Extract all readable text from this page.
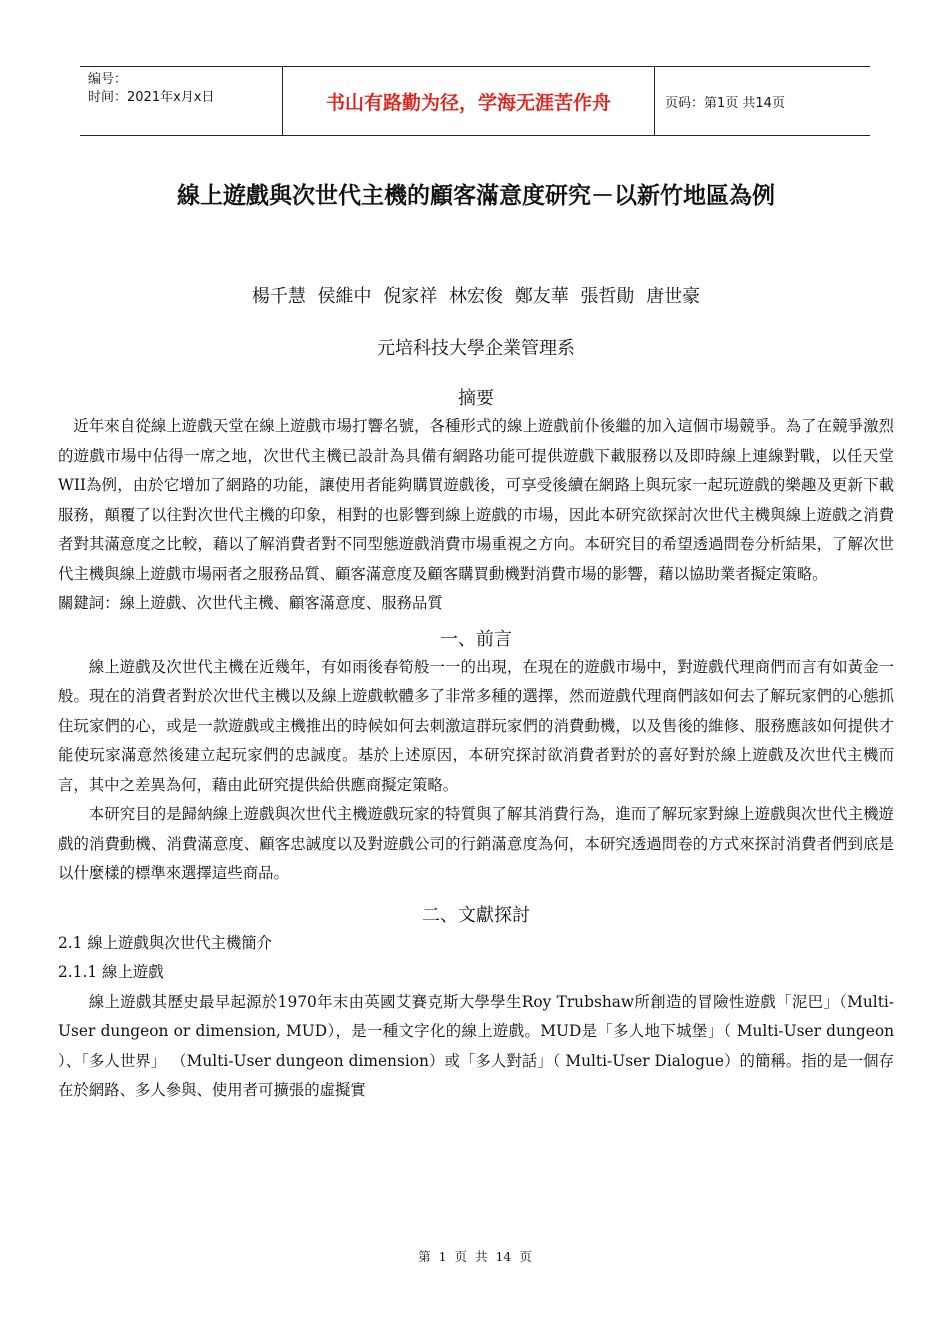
编号：
时间：2021年x月x日	书山有路勤为径，学海无涯苦作舟	页码：第1页 共14页
線上遊戲與次世代主機的顧客滿意度研究－以新竹地區為例
楊千慧 侯維中 倪家祥 林宏俊 鄭友華 張哲勛 唐世豪
元培科技大學企業管理系
摘要

近年來自從線上遊戲天堂在線上遊戲市場打響名號，各種形式的線上遊戲前仆後繼的加入這個市場競爭。為了在競爭激烈的遊戲市場中佔得一席之地，次世代主機已設計為具備有網路功能可提供遊戲下載服務以及即時線上連線對戰，以任天堂WII為例，由於它增加了網路的功能，讓使用者能夠購買遊戲後，可享受後續在網路上與玩家一起玩遊戲的樂趣及更新下載服務，顛覆了以往對次世代主機的印象，相對的也影響到線上遊戲的市場，因此本研究欲探討次世代主機與線上遊戲之消費者對其滿意度之比較，藉以了解消費者對不同型態遊戲消費市場重視之方向。本研究目的希望透過問卷分析結果，了解次世代主機與線上遊戲市場兩者之服務品質、顧客滿意度及顧客購買動機對消費市場的影響，藉以協助業者擬定策略。

關鍵詞：線上遊戲、次世代主機、顧客滿意度、服務品質

一、前言

線上遊戲及次世代主機在近幾年，有如雨後春筍般一一的出現，在現在的遊戲市場中，對遊戲代理商們而言有如黃金一般。現在的消費者對於次世代主機以及線上遊戲軟體多了非常多種的選擇，然而遊戲代理商們該如何去了解玩家們的心態抓住玩家們的心，或是一款遊戲或主機推出的時候如何去刺激這群玩家們的消費動機，以及售後的維修、服務應該如何提供才能使玩家滿意然後建立起玩家們的忠誠度。基於上述原因，本研究探討欲消費者對於的喜好對於線上遊戲及次世代主機而言，其中之差異為何，藉由此研究提供給供應商擬定策略。

本研究目的是歸納線上遊戲與次世代主機遊戲玩家的特質與了解其消費行為，進而了解玩家對線上遊戲與次世代主機遊戲的消費動機、消費滿意度、顧客忠誠度以及對遊戲公司的行銷滿意度為何，本研究透過問卷的方式來探討消費者們到底是以什麼樣的標準來選擇這些商品。

二、文獻探討

2.1 線上遊戲與次世代主機簡介

2.1.1 線上遊戲

線上遊戲其歷史最早起源於1970年末由英國艾賽克斯大學學生Roy Trubshaw所創造的冒險性遊戲「泥巴」（Multi-User dungeon or dimension, MUD），是一種文字化的線上遊戲。MUD是「多人地下城堡」（ Multi-User dungeon ）、「多人世界」 （Multi-User dungeon dimension）或「多人對話」（ Multi-User Dialogue）的簡稱。指的是一個存在於網路、多人參與、使用者可擴張的虛擬實

第 1 页 共 14 页
